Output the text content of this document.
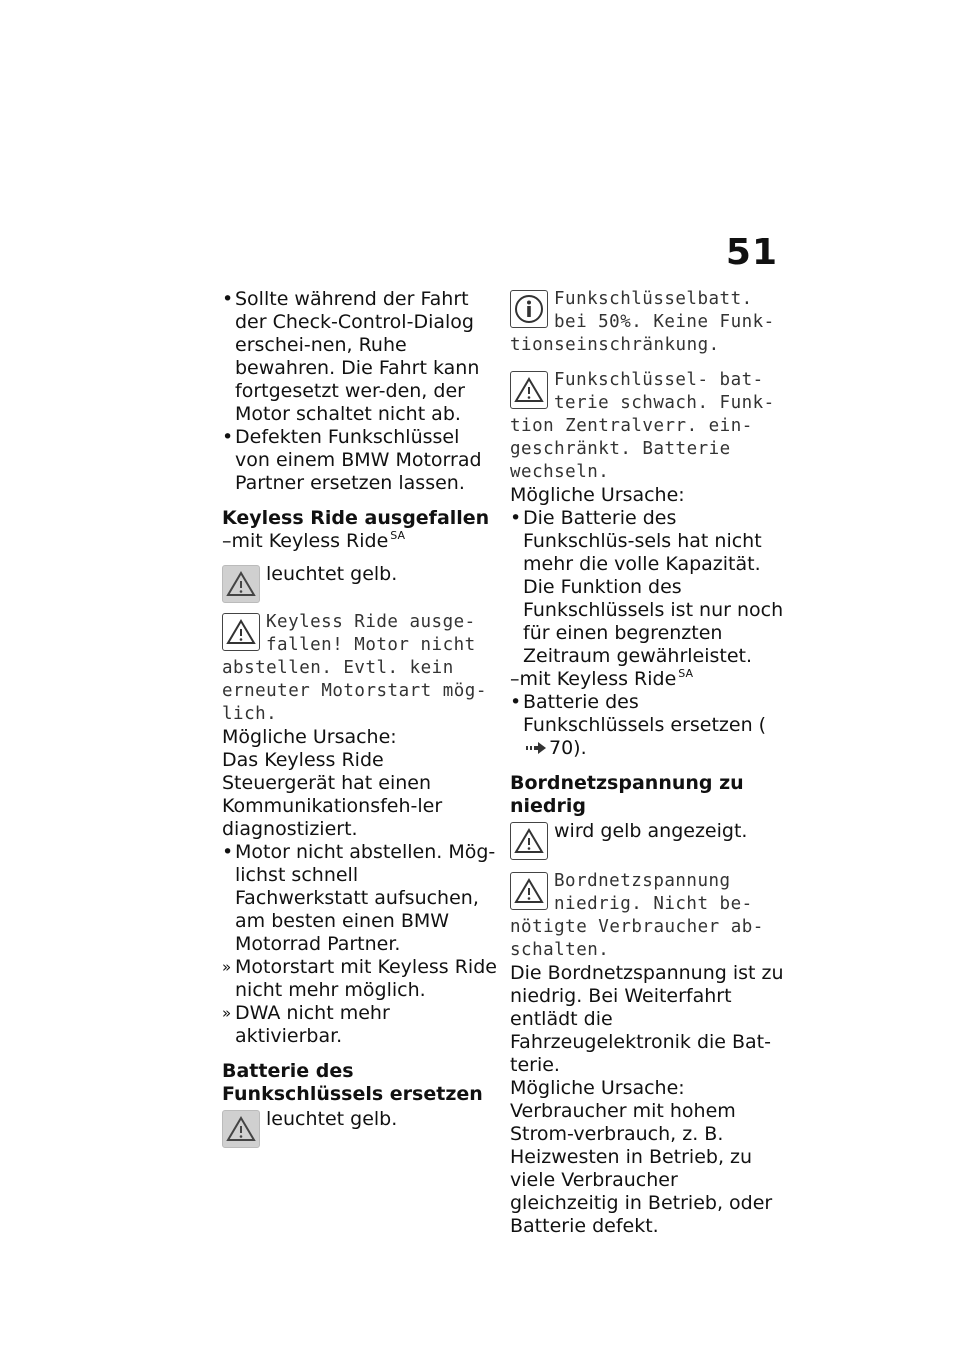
51
• Sollte während der Fahrt der Check-Control-Dialog erschei-nen, Ruhe bewahren. Die Fahrt kann fortgesetzt wer-den, der Motor schaltet nicht ab.
• Defekten Funkschlüssel von einem BMW Motorrad Partner ersetzen lassen.
Keyless Ride ausgefallen
–mit Keyless Ride $^{SA}$
leuchtet gelb.
Keyless Ride ausge-fallen! Motor nicht
abstellen. Evtl. kein erneuter Motorstart mög-lich.
Mögliche Ursache:
Das Keyless Ride Steuergerät hat einen Kommunikationsfeh-ler diagnostiziert.
• Motor nicht abstellen. Mög-lichst schnell Fachwerkstatt aufsuchen, am besten einen BMW Motorrad Partner.
» Motorstart mit Keyless Ride nicht mehr möglich.
» DWA nicht mehr aktivierbar.
Batterie des Funkschlüssels ersetzen
leuchtet gelb.
Funkschlüsselbatt. bei 50%. Keine Funk-
tionseinschränkung.
Funkschlüssel- bat-terie schwach. Funk-
tion Zentralverr. ein-geschränkt. Batterie wechseln.
Mögliche Ursache:
• Die Batterie des Funkschlüs-sels hat nicht mehr die volle Kapazität. Die Funktion des Funkschlüssels ist nur noch für einen begrenzten Zeitraum gewährleistet.
–mit Keyless Ride $^{SA}$
• Batterie des Funkschlüssels ersetzen (70).
Bordnetzspannung zu niedrig
wird gelb angezeigt.
Bordnetzspannung niedrig. Nicht be-
nötigte Verbraucher ab-schalten.
Die Bordnetzspannung ist zu niedrig. Bei Weiterfahrt entlädt die Fahrzeugelektronik die Bat-terie.
Mögliche Ursache:
Verbraucher mit hohem Strom-verbrauch, z. B. Heizwesten in Betrieb, zu viele Verbraucher gleichzeitig in Betrieb, oder Batterie defekt.
